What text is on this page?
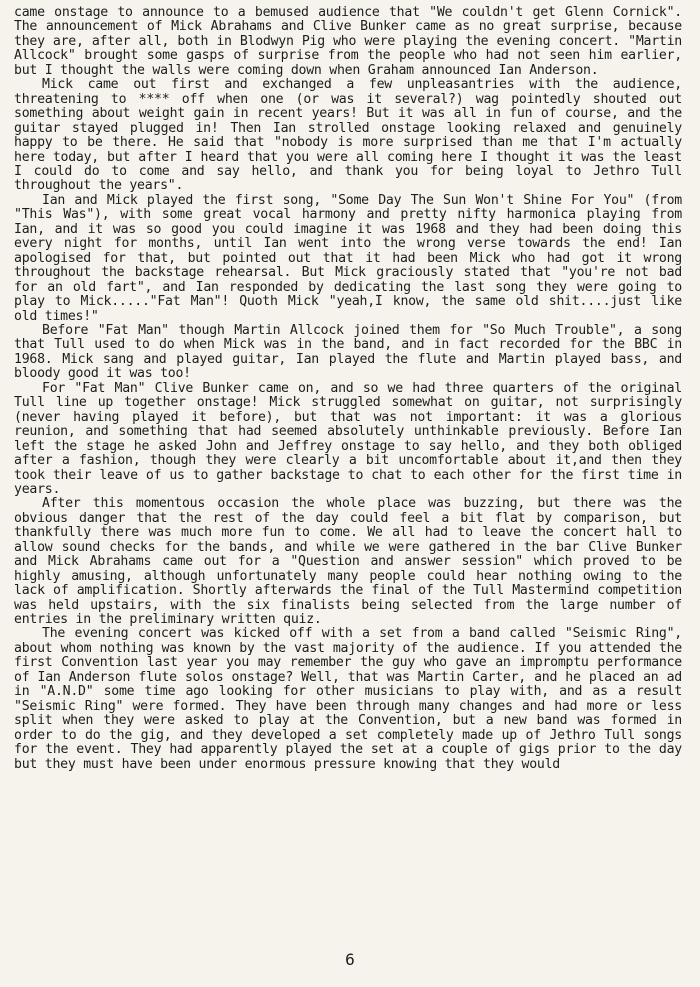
came onstage to announce to a bemused audience that "We couldn't get Glenn Cornick". The announcement of Mick Abrahams and Clive Bunker came as no great surprise, because they are, after all, both in Blodwyn Pig who were playing the evening concert. "Martin Allcock" brought some gasps of surprise from the people who had not seen him earlier, but I thought the walls were coming down when Graham announced Ian Anderson.

Mick came out first and exchanged a few unpleasantries with the audience, threatening to **** off when one (or was it several?) wag pointedly shouted out something about weight gain in recent years! But it was all in fun of course, and the guitar stayed plugged in! Then Ian strolled onstage looking relaxed and genuinely happy to be there. He said that "nobody is more surprised than me that I'm actually here today, but after I heard that you were all coming here I thought it was the least I could do to come and say hello, and thank you for being loyal to Jethro Tull throughout the years".

Ian and Mick played the first song, "Some Day The Sun Won't Shine For You" (from "This Was"), with some great vocal harmony and pretty nifty harmonica playing from Ian, and it was so good you could imagine it was 1968 and they had been doing this every night for months, until Ian went into the wrong verse towards the end! Ian apologised for that, but pointed out that it had been Mick who had got it wrong throughout the backstage rehearsal. But Mick graciously stated that "you're not bad for an old fart", and Ian responded by dedicating the last song they were going to play to Mick....."Fat Man"! Quoth Mick "yeah,I know, the same old shit....just like old times!"

Before "Fat Man" though Martin Allcock joined them for "So Much Trouble", a song that Tull used to do when Mick was in the band, and in fact recorded for the BBC in 1968. Mick sang and played guitar, Ian played the flute and Martin played bass, and bloody good it was too!

For "Fat Man" Clive Bunker came on, and so we had three quarters of the original Tull line up together onstage! Mick struggled somewhat on guitar, not surprisingly (never having played it before), but that was not important: it was a glorious reunion, and something that had seemed absolutely unthinkable previously. Before Ian left the stage he asked John and Jeffrey onstage to say hello, and they both obliged after a fashion, though they were clearly a bit uncomfortable about it,and then they took their leave of us to gather backstage to chat to each other for the first time in years.

After this momentous occasion the whole place was buzzing, but there was the obvious danger that the rest of the day could feel a bit flat by comparison, but thankfully there was much more fun to come. We all had to leave the concert hall to allow sound checks for the bands, and while we were gathered in the bar Clive Bunker and Mick Abrahams came out for a "Question and answer session" which proved to be highly amusing, although unfortunately many people could hear nothing owing to the lack of amplification. Shortly afterwards the final of the Tull Mastermind competition was held upstairs, with the six finalists being selected from the large number of entries in the preliminary written quiz.

The evening concert was kicked off with a set from a band called "Seismic Ring", about whom nothing was known by the vast majority of the audience. If you attended the first Convention last year you may remember the guy who gave an impromptu performance of Ian Anderson flute solos onstage? Well, that was Martin Carter, and he placed an ad in "A.N.D" some time ago looking for other musicians to play with, and as a result "Seismic Ring" were formed. They have been through many changes and had more or less split when they were asked to play at the Convention, but a new band was formed in order to do the gig, and they developed a set completely made up of Jethro Tull songs for the event. They had apparently played the set at a couple of gigs prior to the day but they must have been under enormous pressure knowing that they would

6
